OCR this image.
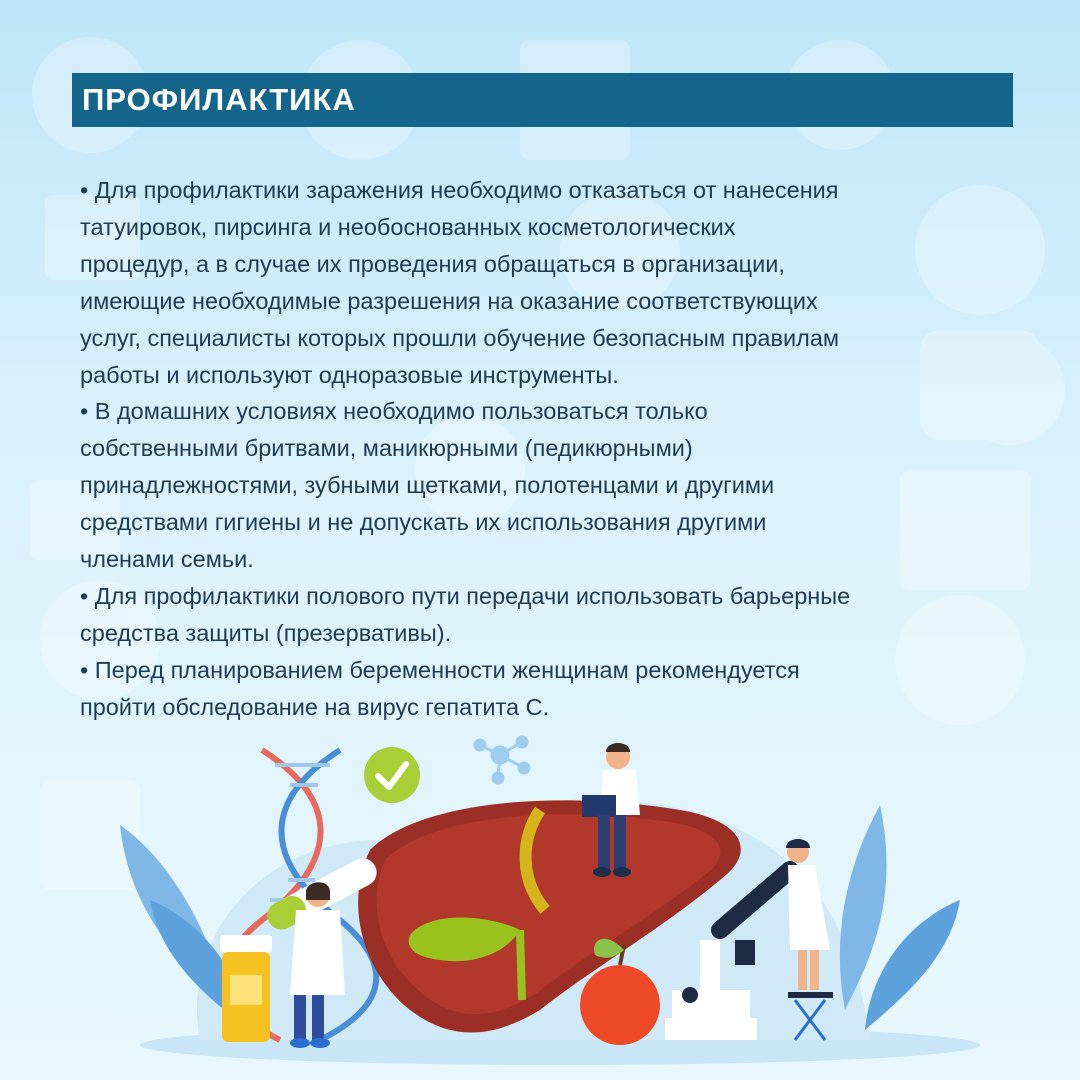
ПРОФИЛАКТИКА
• Для профилактики заражения необходимо отказаться от нанесения
татуировок, пирсинга и необоснованных косметологических
процедур, а в случае их проведения обращаться в организации,
имеющие необходимые разрешения на оказание соответствующих
услуг, специалисты которых прошли обучение безопасным правилам
работы и используют одноразовые инструменты.
• В домашних условиях необходимо пользоваться только
собственными бритвами, маникюрными (педикюрными)
принадлежностями, зубными щетками, полотенцами и другими
средствами гигиены и не допускать их использования другими
членами семьи.
• Для профилактики полового пути передачи использовать барьерные
средства защиты (презервативы).
• Перед планированием беременности женщинам рекомендуется
пройти обследование на вирус гепатита С.
